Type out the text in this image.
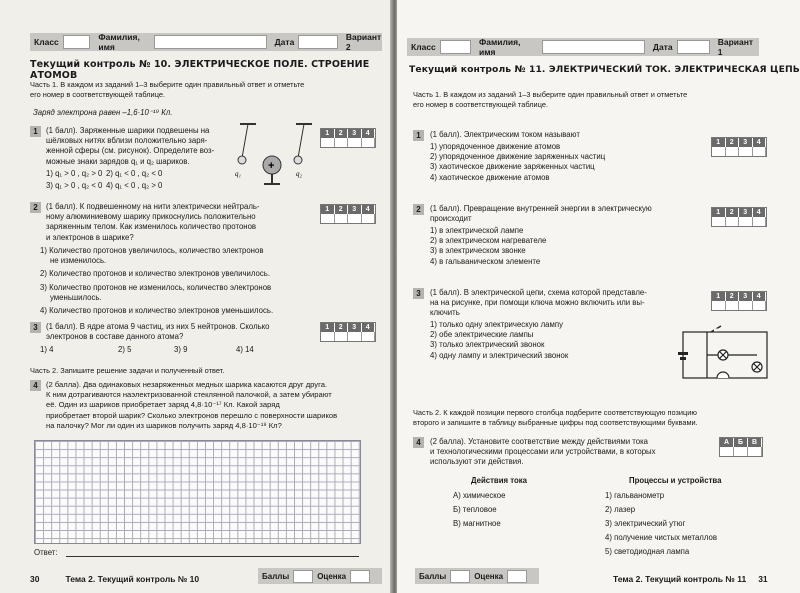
Класс	Фамилия, имя	Дата	Вариант 2
Текущий контроль № 10. ЭЛЕКТРИЧЕСКОЕ ПОЛЕ. СТРОЕНИЕ АТОМОВ
Часть 1. В каждом из заданий 1–3 выберите один правильный ответ и отметьте
его номер в соответствующей таблице.
Заряд электрона равен –1,6·10⁻¹⁹ Кл.
1	(1 балл). Заряженные шарики подвешены на
шёлковых нитях вблизи положительно заря-
женной сферы (см. рисунок). Определите воз-
можные знаки зарядов q₁ и q₂ шариков.
1) q₁ > 0 , q₂ > 0 2) q₁ < 0 , q₂ < 0
3) q₁ > 0 , q₂ < 0 4) q₁ < 0 , q₂ > 0
q₁	q₂
+
1	2	3	4
2	(1 балл). К подвешенному на нити электрически нейтраль-
ному алюминиевому шарику прикоснулись положительно
заряженным телом. Как изменилось количество протонов
и электронов в шарике?
1) Количество протонов увеличилось, количество электронов
не изменилось.
2) Количество протонов и количество электронов увеличилось.
3) Количество протонов не изменилось, количество электронов
уменьшилось.
4) Количество протонов и количество электронов уменьшилось.
1	2	3	4
3	(1 балл). В ядре атома 9 частиц, из них 5 нейтронов. Сколько
электронов в составе данного атома?
1) 4	2) 5	3) 9	4) 14
1	2	3	4
Часть 2. Запишите решение задачи и полученный ответ.
4	(2 балла). Два одинаковых незаряженных медных шарика касаются друг друга.
К ним дотрагиваются наэлектризованной стеклянной палочкой, а затем убирают
её. Один из шариков приобретает заряд 4,8·10⁻¹⁷ Кл. Какой заряд
приобретает второй шарик? Сколько электронов перешло с поверхности шариков
на палочку? Мог ли один из шариков получить заряд 4,8·10⁻¹⁹ Кл?
Ответ:
30	Тема 2. Текущий контроль № 10	Баллы	Оценка
Класс	Фамилия, имя	Дата	Вариант 1
Текущий контроль № 11. ЭЛЕКТРИЧЕСКИЙ ТОК. ЭЛЕКТРИЧЕСКАЯ ЦЕПЬ
Часть 1. В каждом из заданий 1–3 выберите один правильный ответ и отметьте
его номер в соответствующей таблице.
1	(1 балл). Электрическим током называют
1) упорядоченное движение атомов
2) упорядоченное движение заряженных частиц
3) хаотическое движение заряженных частиц
4) хаотическое движение атомов
1	2	3	4
2	(1 балл). Превращение внутренней энергии в электрическую
происходит
1) в электрической лампе
2) в электрическом нагревателе
3) в электрическом звонке
4) в гальваническом элементе
1	2	3	4
3	(1 балл). В электрической цепи, схема которой представле-
на на рисунке, при помощи ключа можно включить или вы-
ключить
1) только одну электрическую лампу
2) обе электрические лампы
3) только электрический звонок
4) одну лампу и электрический звонок
1	2	3	4
Часть 2. К каждой позиции первого столбца подберите соответствующую позицию
второго и запишите в таблицу выбранные цифры под соответствующими буквами.
4	(2 балла). Установите соответствие между действиями тока
и технологическими процессами или устройствами, в которых
используют эти действия.
А	Б	В
Действия тока
А) химическое
Б) тепловое
В) магнитное
Процессы и устройства
1) гальванометр
2) лазер
3) электрический утюг
4) получение чистых металлов
5) светодиодная лампа
Баллы	Оценка	Тема 2. Текущий контроль № 11 31
